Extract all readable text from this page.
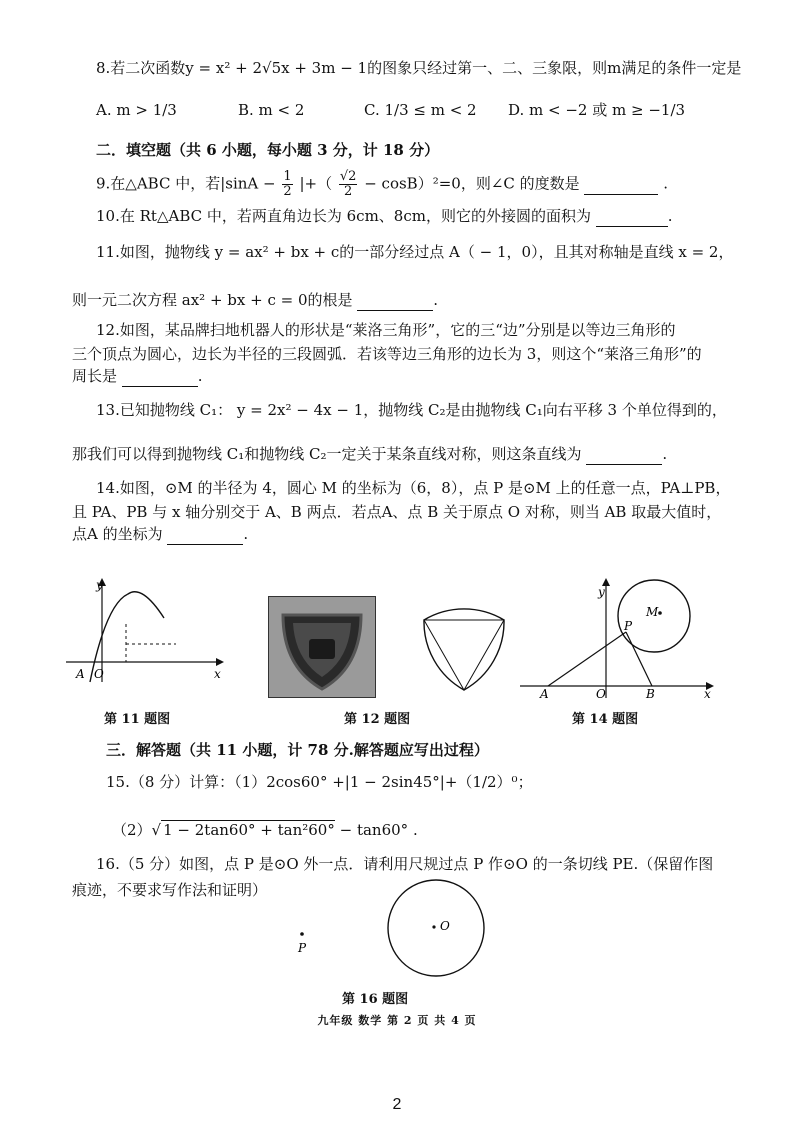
8.若二次函数y = x² + 2√5x + 3m − 1的图象只经过第一、二、三象限，则m满足的条件一定是
A. m > 1/3	B. m < 2	C. 1/3 ≤ m < 2 D. m < −2 或 m ≥ −1/3
二．填空题（共 6 小题，每小题 3 分，计 18 分）
9.在△ABC 中，若$|\sin A - \frac{1}{2}$ |+（ $\frac{√2}{2} - \cos B)^2=0$，则∠C 的度数是	.
10.在 Rt△ABC 中，若两直角边长为 6cm、8cm，则它的外接圆的面积为	.
11.如图，抛物线 y = ax² + bx + c的一部分经过点 A（ − 1，0），且其对称轴是直线 x = 2，
则一元二次方程 ax² + bx + c = 0的根是	.
12.如图，某品牌扫地机器人的形状是“莱洛三角形”，它的三“边”分别是以等边三角形的
三个顶点为圆心，边长为半径的三段圆弧．若该等边三角形的边长为 3，则这个“莱洛三角形”的
周长是	.
13.已知抛物线 C₁： y = 2x² − 4x − 1，抛物线 C₂是由抛物线 C₁向右平移 3 个单位得到的，
那我们可以得到抛物线 C₁和抛物线 C₂一定关于某条直线对称，则这条直线为	.
14.如图，⊙M 的半径为 4，圆心 M 的坐标为（6，8），点 P 是⊙M 上的任意一点，PA⊥PB，
且 PA、PB 与 x 轴分别交于 A、B 两点．若点A、点 B 关于原点 O 对称，则当 AB 取最大值时，
点A 的坐标为	.
y
x
A O
第 11 题图	第 12 题图
y
x
A	O	B
P
M
第 14 题图
三．解答题（共 11 小题，计 78 分.解答题应写出过程）
15.（8 分）计算：（1）2cos60° +|1 − 2sin45°|+（1/2）⁰；
（2）√ 1 − 2tan60° + tan²60° − tan60° .
16.（5 分）如图，点 P 是⊙O 外一点．请利用尺规过点 P 作⊙O 的一条切线 PE.（保留作图
痕迹，不要求写作法和证明）
P
O
第 16 题图
九年级 数学 第 2 页 共 4 页
2
